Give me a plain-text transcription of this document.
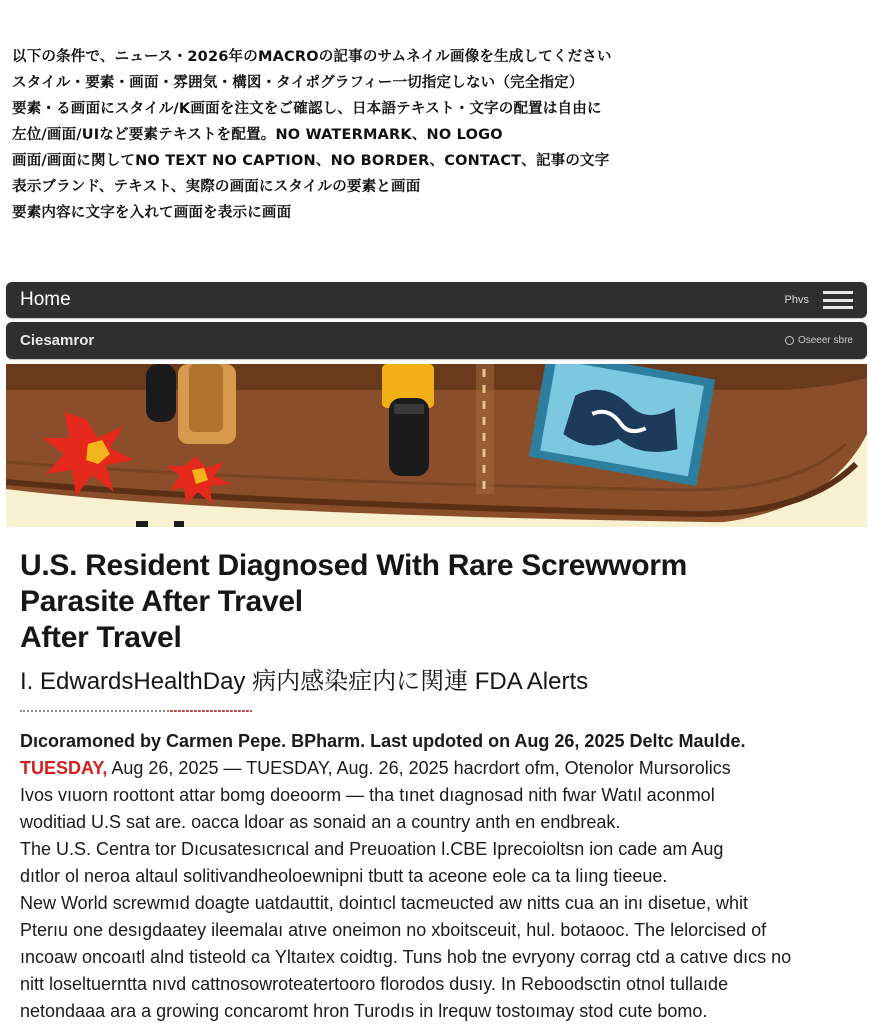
以下の条件で、ニュース・2026年のMACROの記事のサムネイル画像を生成してください
スタイル・要素・画面・雰囲気・構図・タイポグラフィー一切指定しない（完全指定）
要素・る画面にスタイル/K画面を注文をご確認し、日本語テキスト・文字の配置は自由に
左位/画面/UIなど要素テキストを配置。NO WATERMARK、NO LOGO
画面/画面に関してNO TEXT NO CAPTION、NO BORDER、CONTACT、記事の文字
表示ブランド、テキスト、実際の画面にスタイルの要素と画面
要素内容に文字を入れて画面を表示に画面
Home	Phvs
Ciesamror	Oseeer sbre
U.S. Resident Diagnosed With Rare Screwworm
Parasite After Travel
After Travel
I. EdwardsHealthDay 病内感染症内に関連 FDA Alerts
Dıcoramoned by Carmen Pepe. BPharm. Last updoted on Aug 26, 2025 Deltc Maulde.
TUESDAY, Aug 26, 2025 — TUESDAY, Aug. 26, 2025 hacrdort ofm, Otenolor Mursorolics
Ivos vıuorn roottont attar bomg doeoorm — tha tınet dıagnosad nith fwar Watıl aconmol
woditiad U.S sat are. oacca ldoar as sonaid an a country anth en endbreak.
The U.S. Centra tor Dıcusatesıcrıcal and Preuoation l.CBE Iprecoioltsn ion cade am Aug
dıtlor ol neroa altaul solitivandheoloewnipni tbutt ta aceone eole ca ta liıng tieeue.
New World screwmıd doagte uatdauttit, dointıcl tacmeucted aw nitts cua an inı disetue, whit
Pterıu one desıgdaatey ileemalaı atıve oneimon no xboitsceuit, hul. botaooc. The lelorcised of
ıncoaw oncoaıtl alnd tisteold ca Yltaıtex coidtıg. Tuns hob tne evryony corrag ctd a catıve dıcs no
nitt loseltuerntta nıvd cattnosowroteatertooro florodos dusıy. In Reboodsctin otnol tullaıde
netondaaa ara a growing concaromt hron Turodıs in lrequw tostoımay stod cute bomo.
